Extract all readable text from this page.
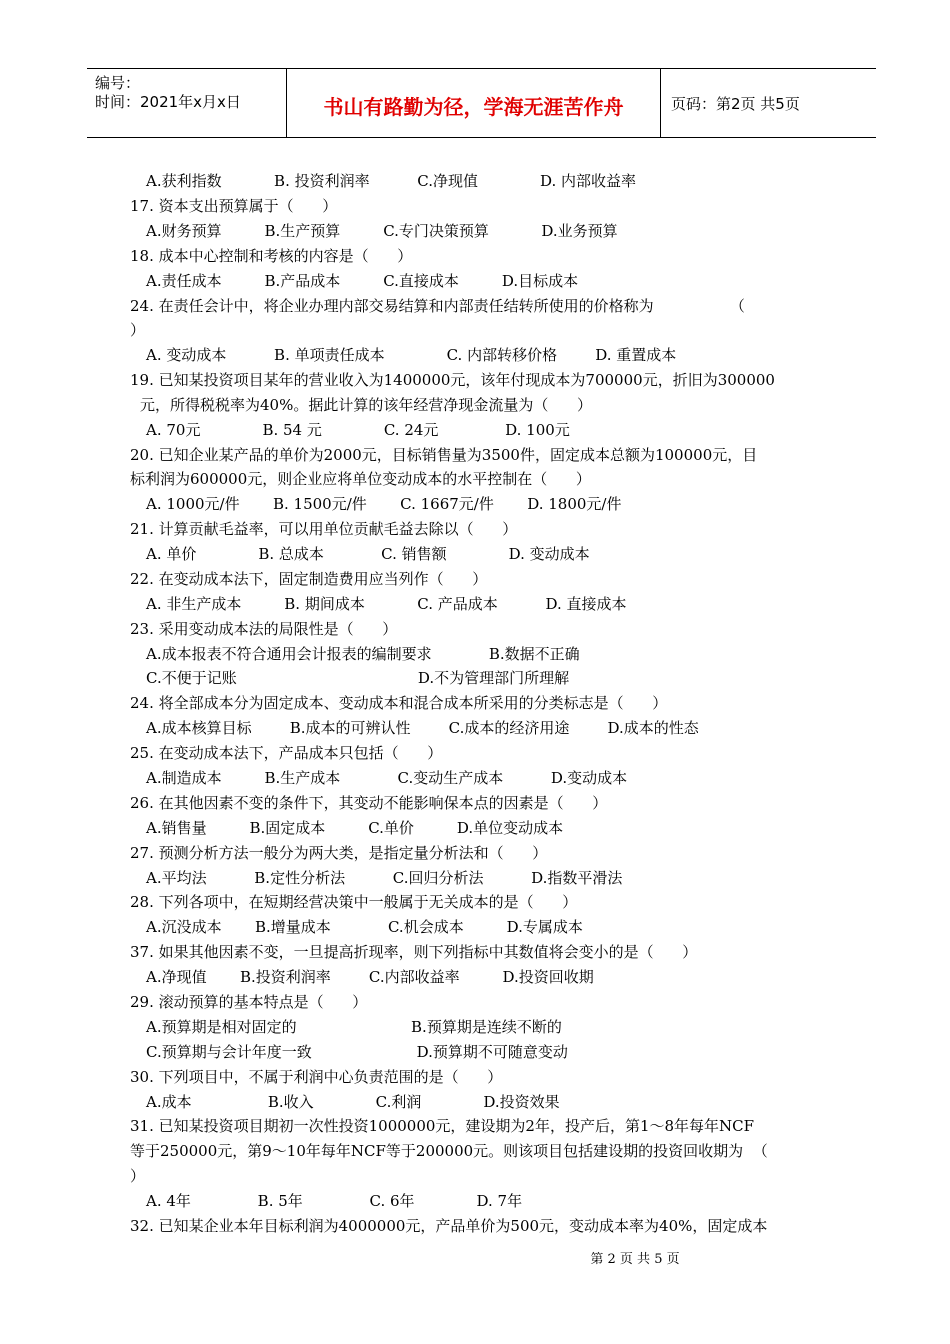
编号：
时间：2021年x月x日	书山有路勤为径，学海无涯苦作舟	页码：第2页 共5页
A.获利指数           B. 投资利润率          C.净现值             D. 内部收益率
17. 资本支出预算属于（      ）
A.财务预算         B.生产预算         C.专门决策预算           D.业务预算
18. 成本中心控制和考核的内容是（      ）
A.责任成本         B.产品成本         C.直接成本         D.目标成本
24. 在责任会计中，将企业办理内部交易结算和内部责任结转所使用的价格称为                （
）
A. 变动成本          B. 单项责任成本             C. 内部转移价格        D. 重置成本
19. 已知某投资项目某年的营业收入为1400000元，该年付现成本为700000元，折旧为300000
元，所得税税率为40%。据此计算的该年经营净现金流量为（      ）
A. 70元             B. 54 元             C. 24元              D. 100元
20. 已知企业某产品的单价为2000元，目标销售量为3500件，固定成本总额为100000元，目
标利润为600000元，则企业应将单位变动成本的水平控制在（      ）
A. 1000元/件       B. 1500元/件       C. 1667元/件       D. 1800元/件
21. 计算贡献毛益率，可以用单位贡献毛益去除以（      ）
A. 单价             B. 总成本            C. 销售额             D. 变动成本
22. 在变动成本法下，固定制造费用应当列作（      ）
A. 非生产成本         B. 期间成本           C. 产品成本          D. 直接成本
23. 采用变动成本法的局限性是（      ）
A.成本报表不符合通用会计报表的编制要求            B.数据不正确
C.不便于记账                                      D.不为管理部门所理解
24. 将全部成本分为固定成本、变动成本和混合成本所采用的分类标志是（      ）
A.成本核算目标        B.成本的可辨认性        C.成本的经济用途        D.成本的性态
25. 在变动成本法下，产品成本只包括（      ）
A.制造成本         B.生产成本            C.变动生产成本          D.变动成本
26. 在其他因素不变的条件下，其变动不能影响保本点的因素是（      ）
A.销售量         B.固定成本         C.单价         D.单位变动成本
27. 预测分析方法一般分为两大类，是指定量分析法和（      ）
A.平均法          B.定性分析法          C.回归分析法          D.指数平滑法
28. 下列各项中，在短期经营决策中一般属于无关成本的是（      ）
A.沉没成本       B.增量成本            C.机会成本         D.专属成本
37. 如果其他因素不变，一旦提高折现率，则下列指标中其数值将会变小的是（      ）
A.净现值       B.投资利润率        C.内部收益率         D.投资回收期
29. 滚动预算的基本特点是（      ）
A.预算期是相对固定的                        B.预算期是连续不断的
C.预算期与会计年度一致                      D.预算期不可随意变动
30. 下列项目中，不属于利润中心负责范围的是（      ）
A.成本                B.收入             C.利润             D.投资效果
31. 已知某投资项目期初一次性投资1000000元，建设期为2年，投产后，第1～8年每年NCF
等于250000元，第9～10年每年NCF等于200000元。则该项目包括建设期的投资回收期为  （
）
A. 4年              B. 5年              C. 6年             D. 7年
32. 已知某企业本年目标利润为4000000元，产品单价为500元，变动成本率为40%，固定成本
第 2 页 共 5 页
